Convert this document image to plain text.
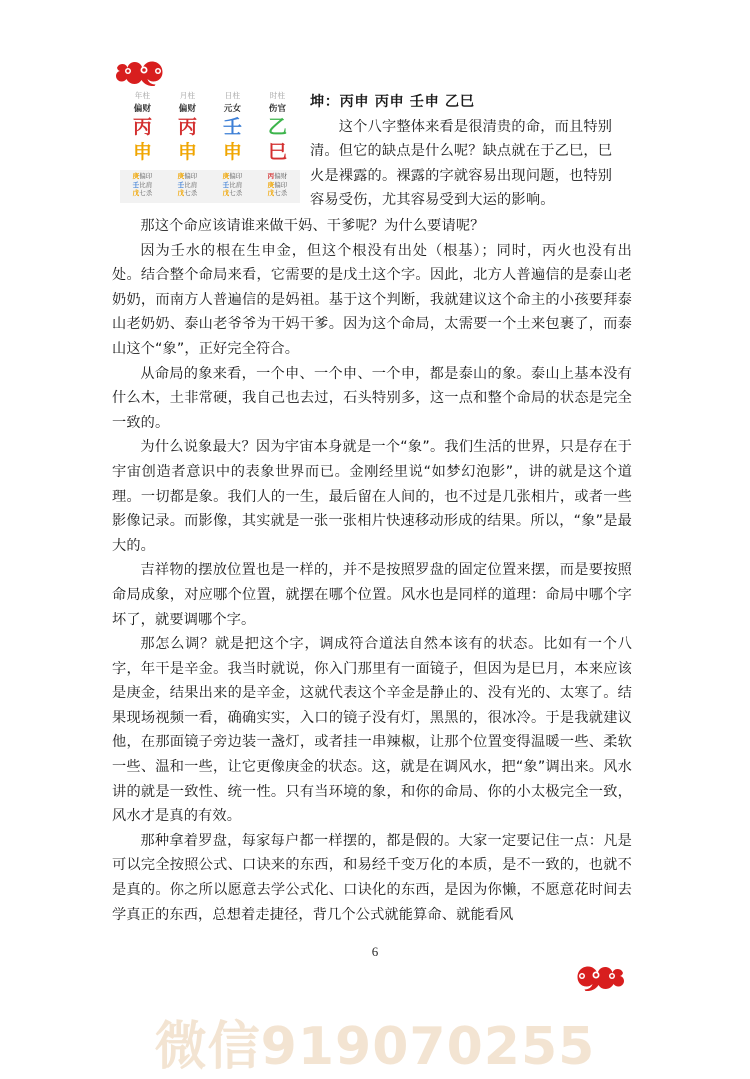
年柱
偏财
丙
申
月柱
偏财
丙
申
日柱
元女
壬
申
时柱
伤官
乙
巳
庚偏印
壬比肩
戊七杀
庚偏印
壬比肩
戊七杀
庚偏印
壬比肩
戊七杀
丙偏财
庚偏印
戊七杀
坤：丙申 丙申 壬申 乙巳
　　这个八字整体来看是很清贵的命，而且特别
清。但它的缺点是什么呢？缺点就在于乙巳，巳
火是裸露的。裸露的字就容易出现问题，也特别
容易受伤，尤其容易受到大运的影响。

那这个命应该请谁来做干妈、干爹呢？为什么要请呢？

因为壬水的根在生申金，但这个根没有出处（根基）；同时，丙火也没有出处。结合整个命局来看，它需要的是戊土这个字。因此，北方人普遍信的是泰山老奶奶，而南方人普遍信的是妈祖。基于这个判断，我就建议这个命主的小孩要拜泰山老奶奶、泰山老爷爷为干妈干爹。因为这个命局，太需要一个土来包裹了，而泰山这个“象”，正好完全符合。

从命局的象来看，一个申、一个申、一个申，都是泰山的象。泰山上基本没有什么木，土非常硬，我自己也去过，石头特别多，这一点和整个命局的状态是完全一致的。

为什么说象最大？因为宇宙本身就是一个“象”。我们生活的世界，只是存在于宇宙创造者意识中的表象世界而已。金刚经里说“如梦幻泡影”，讲的就是这个道理。一切都是象。我们人的一生，最后留在人间的，也不过是几张相片，或者一些影像记录。而影像，其实就是一张一张相片快速移动形成的结果。所以，“象”是最大的。

吉祥物的摆放位置也是一样的，并不是按照罗盘的固定位置来摆，而是要按照命局成象，对应哪个位置，就摆在哪个位置。风水也是同样的道理：命局中哪个字坏了，就要调哪个字。

那怎么调？就是把这个字，调成符合道法自然本该有的状态。比如有一个八字，年干是辛金。我当时就说，你入门那里有一面镜子，但因为是巳月，本来应该是庚金，结果出来的是辛金，这就代表这个辛金是静止的、没有光的、太寒了。结果现场视频一看，确确实实，入口的镜子没有灯，黑黑的，很冰冷。于是我就建议他，在那面镜子旁边装一盏灯，或者挂一串辣椒，让那个位置变得温暖一些、柔软一些、温和一些，让它更像庚金的状态。这，就是在调风水，把“象”调出来。风水讲的就是一致性、统一性。只有当环境的象，和你的命局、你的小太极完全一致，风水才是真的有效。

那种拿着罗盘，每家每户都一样摆的，都是假的。大家一定要记住一点：凡是可以完全按照公式、口诀来的东西，和易经千变万化的本质，是不一致的，也就不是真的。你之所以愿意去学公式化、口诀化的东西，是因为你懒，不愿意花时间去学真正的东西，总想着走捷径，背几个公式就能算命、就能看风

6
微信919070255
